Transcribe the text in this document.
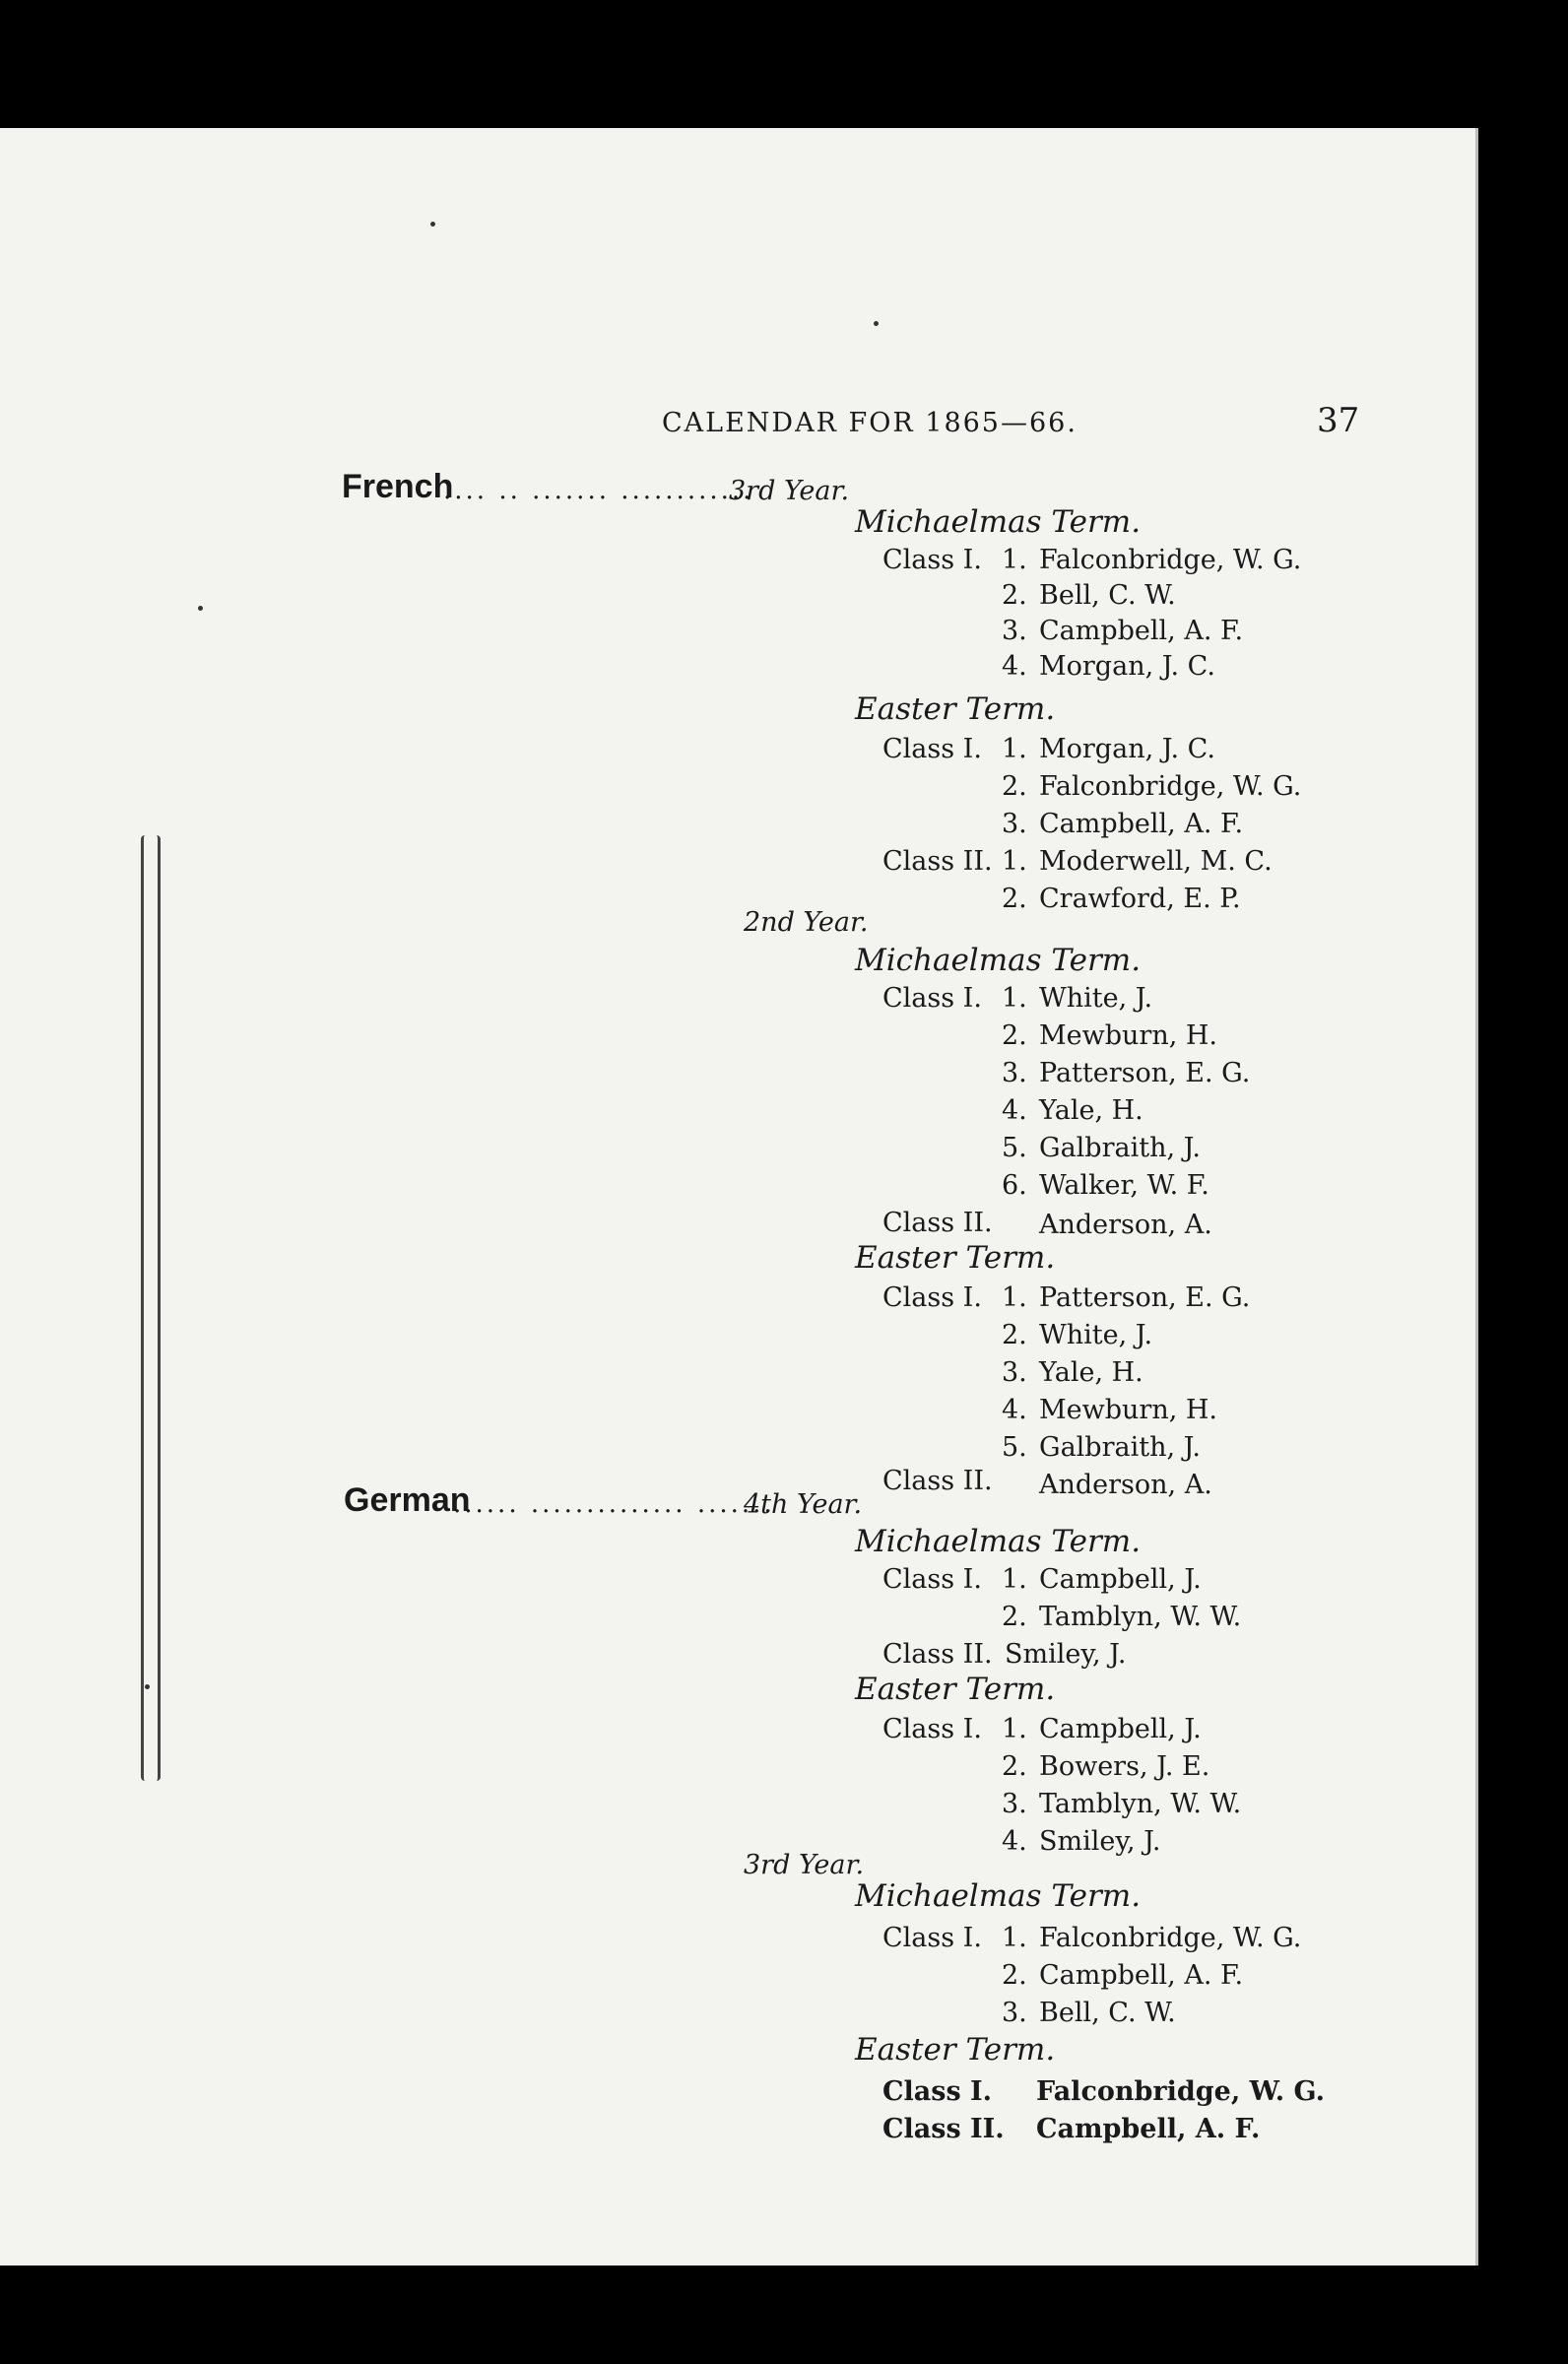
CALENDAR FOR 1865—66.	37
French
.... .. ....... ............
3rd Year.
Michaelmas Term.
Class I. 1. Falconbridge, W. G.
2. Bell, C. W.
3. Campbell, A. F.
4. Morgan, J. C.
Easter Term.
Class I. 1. Morgan, J. C.
2. Falconbridge, W. G.
3. Campbell, A. F.
Class II. 1. Moderwell, M. C.
2. Crawford, E. P.
2nd Year.
Michaelmas Term.
Class I. 1. White, J.
2. Mewburn, H.
3. Patterson, E. G.
4. Yale, H.
5. Galbraith, J.
6. Walker, W. F.
Class II. Anderson, A.
Easter Term.
Class I. 1. Patterson, E. G.
2. White, J.
3. Yale, H.
4. Mewburn, H.
5. Galbraith, J.
Class II. Anderson, A.
German
...... .............. .......
4th Year.
Michaelmas Term.
Class I. 1. Campbell, J.
2. Tamblyn, W. W.
Class II. Smiley, J.
Easter Term.
Class I. 1. Campbell, J.
2. Bowers, J. E.
3. Tamblyn, W. W.
4. Smiley, J.
3rd Year.
Michaelmas Term.
Class I. 1. Falconbridge, W. G.
2. Campbell, A. F.
3. Bell, C. W.
Easter Term.
Class I. Falconbridge, W. G.
Class II. Campbell, A. F.
